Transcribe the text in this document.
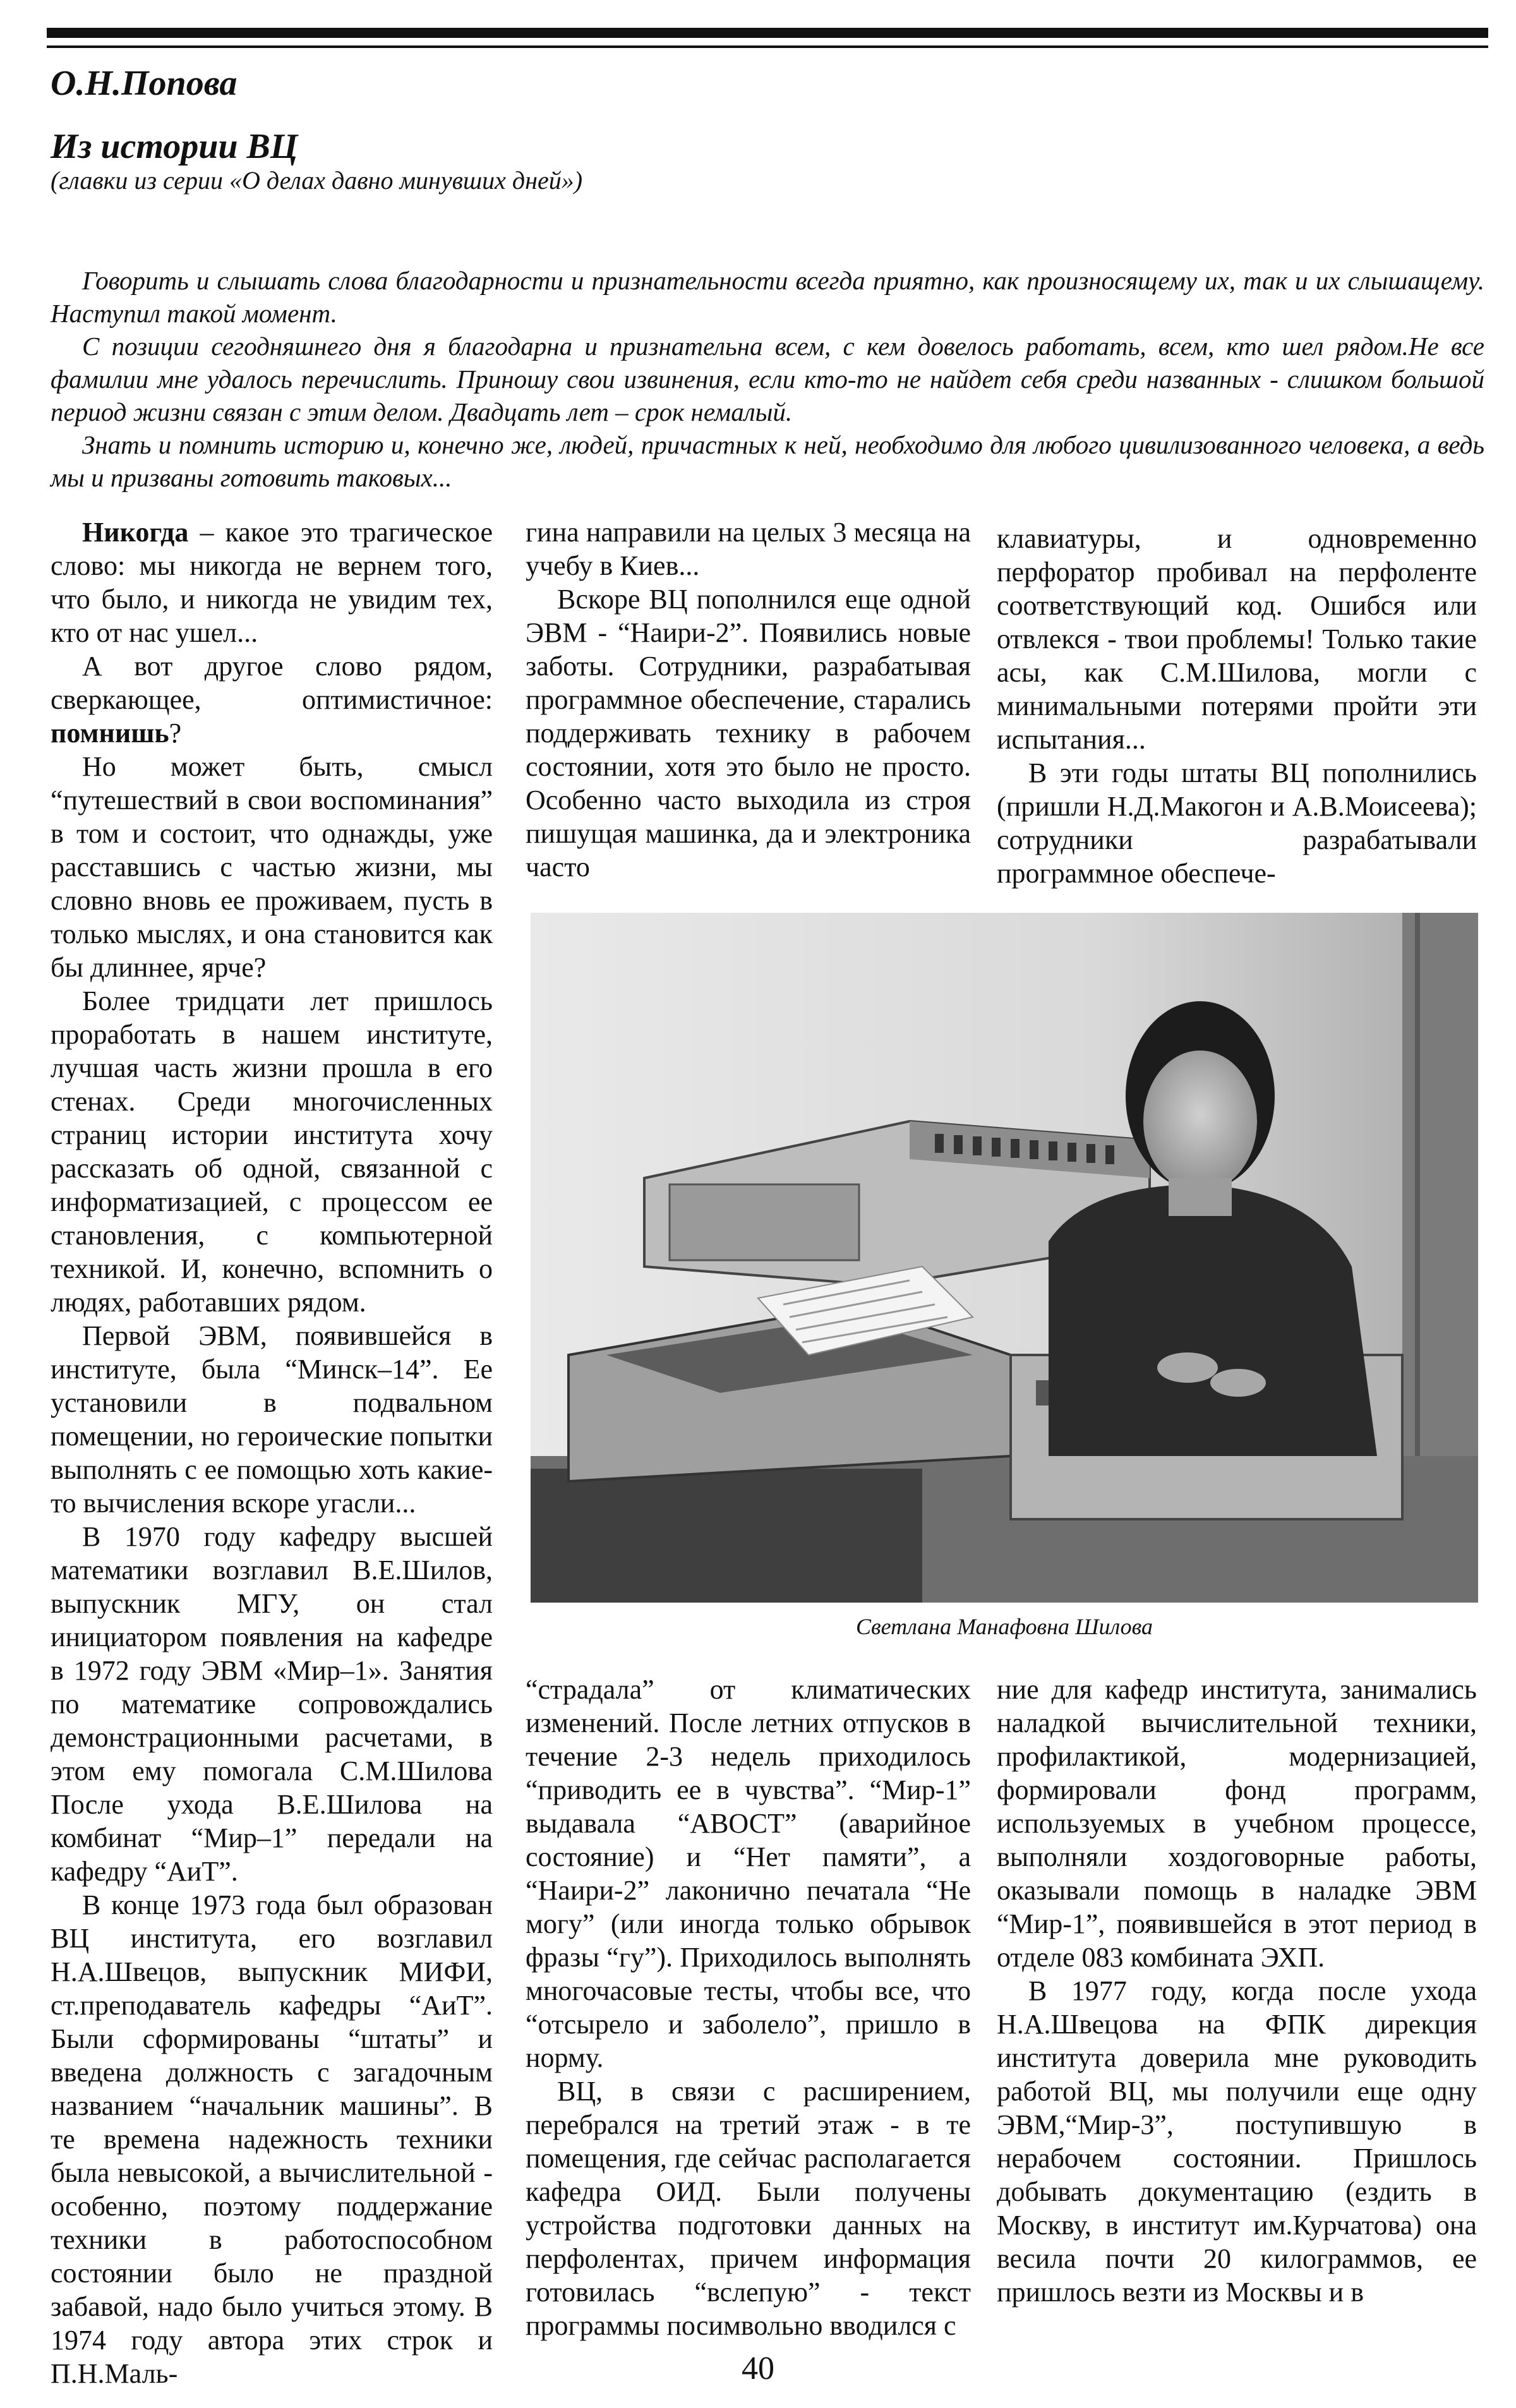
О.Н.Попова
Из истории ВЦ
(главки из серии «О делах давно минувших дней»)

Говорить и слышать слова благодарности и признательности всегда приятно, как произносящему их, так и их слышащему. Наступил такой момент.

С позиции сегодняшнего дня я благодарна и признательна всем, с кем довелось работать, всем, кто шел рядом.Не все фамилии мне удалось перечислить. Приношу свои извинения, если кто-то не найдет себя среди названных - слишком большой период жизни связан с этим делом. Двадцать лет – срок немалый.

Знать и помнить историю и, конечно же, людей, причастных к ней, необходимо для любого цивилизованного человека, а ведь мы и призваны готовить таковых...

Никогда – какое это трагическое слово: мы никогда не вернем того, что было, и никогда не увидим тех, кто от нас ушел...

А вот другое слово рядом, сверкающее, оптимистичное: помнишь?

Но может быть, смысл “путешествий в свои воспоминания” в том и состоит, что однажды, уже расставшись с частью жизни, мы словно вновь ее проживаем, пусть в только мыслях, и она становится как бы длиннее, ярче?

Более тридцати лет пришлось проработать в нашем институте, лучшая часть жизни прошла в его стенах. Среди многочисленных страниц истории института хочу рассказать об одной, связанной с информатизацией, с процессом ее становления, с компьютерной техникой. И, конечно, вспомнить о людях, работавших рядом.

Первой ЭВМ, появившейся в институте, была “Минск–14”. Ее установили в подвальном помещении, но героические попытки выполнять с ее помощью хоть какие-то вычисления вскоре угасли...

В 1970 году кафедру высшей математики возглавил В.Е.Шилов, выпускник МГУ, он стал инициатором появления на кафедре в 1972 году ЭВМ «Мир–1». Занятия по математике сопровождались демонстрационными расчетами, в этом ему помогала С.М.Шилова После ухода В.Е.Шилова на комбинат “Мир–1” передали на кафедру “АиТ”.

В конце 1973 года был образован ВЦ института, его возглавил Н.А.Швецов, выпускник МИФИ, ст.преподаватель кафедры “АиТ”. Были сформированы “штаты” и введена должность с загадочным названием “начальник машины”. В те времена надежность техники была невысокой, а вычислительной - особенно, поэтому поддержание техники в работоспособном состоянии было не праздной забавой, надо было учиться этому. В 1974 году автора этих строк и П.Н.Маль-

гина направили на целых 3 месяца на учебу в Киев...

Вскоре ВЦ пополнился еще одной ЭВМ - “Наири-2”. Появились новые заботы. Сотрудники, разрабатывая программное обеспечение, старались поддерживать технику в рабочем состоянии, хотя это было не просто. Особенно часто выходила из строя пишущая машинка, да и электроника часто

клавиатуры, и одновременно перфоратор пробивал на перфоленте соответствующий код. Ошибся или отвлекся - твои проблемы! Только такие асы, как С.М.Шилова, могли с минимальными потерями пройти эти испытания...

В эти годы штаты ВЦ пополнились (пришли Н.Д.Макогон и А.В.Моисеева); сотрудники разрабатывали программное обеспече-

Светлана Манафовна Шилова

“страдала” от климатических изменений. После летних отпусков в течение 2-3 недель приходилось “приводить ее в чувства”. “Мир-1” выдавала “АВОСТ” (аварийное состояние) и “Нет памяти”, а “Наири-2” лаконично печатала “Не могу” (или иногда только обрывок фразы “гу”). Приходилось выполнять многочасовые тесты, чтобы все, что “отсырело и заболело”, пришло в норму.

ВЦ, в связи с расширением, перебрался на третий этаж - в те помещения, где сейчас располагается кафедра ОИД. Были получены устройства подготовки данных на перфолентах, причем информация готовилась “вслепую” - текст программы посимвольно вводился с

ние для кафедр института, занимались наладкой вычислительной техники, профилактикой, модернизацией, формировали фонд программ, используемых в учебном процессе, выполняли хоздоговорные работы, оказывали помощь в наладке ЭВМ “Мир-1”, появившейся в этот период в отделе 083 комбината ЭХП.

В 1977 году, когда после ухода Н.А.Швецова на ФПК дирекция института доверила мне руководить работой ВЦ, мы получили еще одну ЭВМ,“Мир-3”, поступившую в нерабочем состоянии. Пришлось добывать документацию (ездить в Москву, в институт им.Курчатова) она весила почти 20 килограммов, ее пришлось везти из Москвы и в

40
